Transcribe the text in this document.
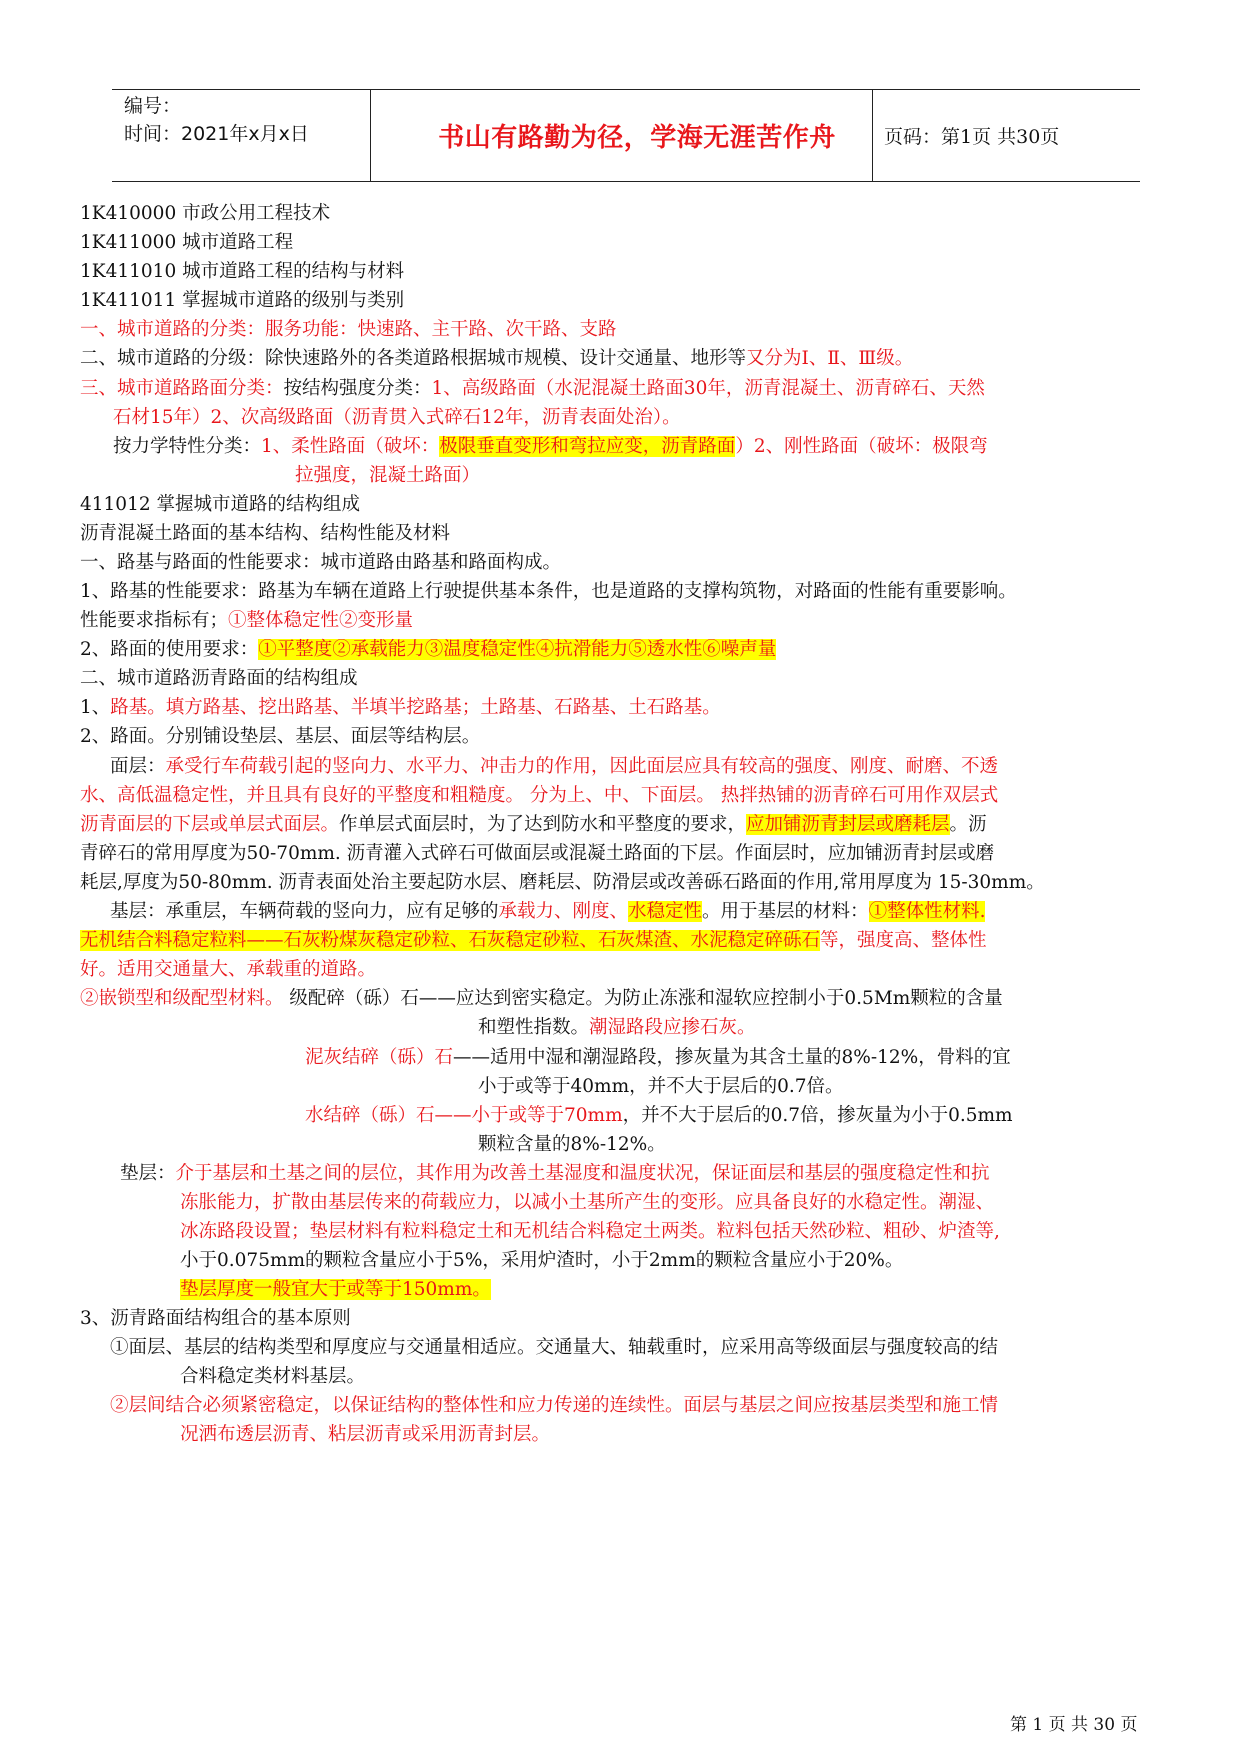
编号：
时间：2021年x月x日	书山有路勤为径，学海无涯苦作舟	页码：第1页 共30页
1K410000 市政公用工程技术
1K411000 城市道路工程
1K411010 城市道路工程的结构与材料
1K411011 掌握城市道路的级别与类别
一、城市道路的分类：服务功能：快速路、主干路、次干路、支路
二、城市道路的分级：除快速路外的各类道路根据城市规模、设计交通量、地形等又分为Ⅰ、Ⅱ、Ⅲ级。
三、城市道路路面分类：按结构强度分类：1、高级路面（水泥混凝土路面30年，沥青混凝土、沥青碎石、天然
石材15年）2、次高级路面（沥青贯入式碎石12年，沥青表面处治）。
按力学特性分类：1、柔性路面（破坏：极限垂直变形和弯拉应变，沥青路面）2、刚性路面（破坏：极限弯
拉强度，混凝土路面）
411012 掌握城市道路的结构组成
沥青混凝土路面的基本结构、结构性能及材料
一、路基与路面的性能要求：城市道路由路基和路面构成。
1、路基的性能要求：路基为车辆在道路上行驶提供基本条件，也是道路的支撑构筑物，对路面的性能有重要影响。
性能要求指标有；①整体稳定性②变形量
2、路面的使用要求：①平整度②承载能力③温度稳定性④抗滑能力⑤透水性⑥噪声量
二、城市道路沥青路面的结构组成
1、路基。填方路基、挖出路基、半填半挖路基；土路基、石路基、土石路基。
2、路面。分别铺设垫层、基层、面层等结构层。
面层：承受行车荷载引起的竖向力、水平力、冲击力的作用，因此面层应具有较高的强度、刚度、耐磨、不透
水、高低温稳定性，并且具有良好的平整度和粗糙度。 分为上、中、下面层。 热拌热铺的沥青碎石可用作双层式
沥青面层的下层或单层式面层。作单层式面层时，为了达到防水和平整度的要求，应加铺沥青封层或磨耗层。沥
青碎石的常用厚度为50-70mm. 沥青灌入式碎石可做面层或混凝土路面的下层。作面层时，应加铺沥青封层或磨
耗层,厚度为50-80mm. 沥青表面处治主要起防水层、磨耗层、防滑层或改善砾石路面的作用,常用厚度为 15-30mm。
基层：承重层，车辆荷载的竖向力，应有足够的承载力、刚度、水稳定性。用于基层的材料：①整体性材料.
无机结合料稳定粒料——石灰粉煤灰稳定砂粒、石灰稳定砂粒、石灰煤渣、水泥稳定碎砾石等，强度高、整体性
好。适用交通量大、承载重的道路。
②嵌锁型和级配型材料。 级配碎（砾）石——应达到密实稳定。为防止冻涨和湿软应控制小于0.5Mm颗粒的含量
和塑性指数。潮湿路段应掺石灰。
泥灰结碎（砾）石——适用中湿和潮湿路段，掺灰量为其含土量的8%-12%，骨料的宜
小于或等于40mm，并不大于层后的0.7倍。
水结碎（砾）石——小于或等于70mm，并不大于层后的0.7倍，掺灰量为小于0.5mm
颗粒含量的8%-12%。
垫层：介于基层和土基之间的层位，其作用为改善土基湿度和温度状况，保证面层和基层的强度稳定性和抗
冻胀能力，扩散由基层传来的荷载应力，以减小土基所产生的变形。应具备良好的水稳定性。潮湿、
冰冻路段设置；垫层材料有粒料稳定土和无机结合料稳定土两类。粒料包括天然砂粒、粗砂、炉渣等,
小于0.075mm的颗粒含量应小于5%，采用炉渣时，小于2mm的颗粒含量应小于20%。
垫层厚度一般宜大于或等于150mm。
3、沥青路面结构组合的基本原则
①面层、基层的结构类型和厚度应与交通量相适应。交通量大、轴载重时，应采用高等级面层与强度较高的结
合料稳定类材料基层。
②层间结合必须紧密稳定，以保证结构的整体性和应力传递的连续性。面层与基层之间应按基层类型和施工情
况洒布透层沥青、粘层沥青或采用沥青封层。
第 1 页 共 30 页
